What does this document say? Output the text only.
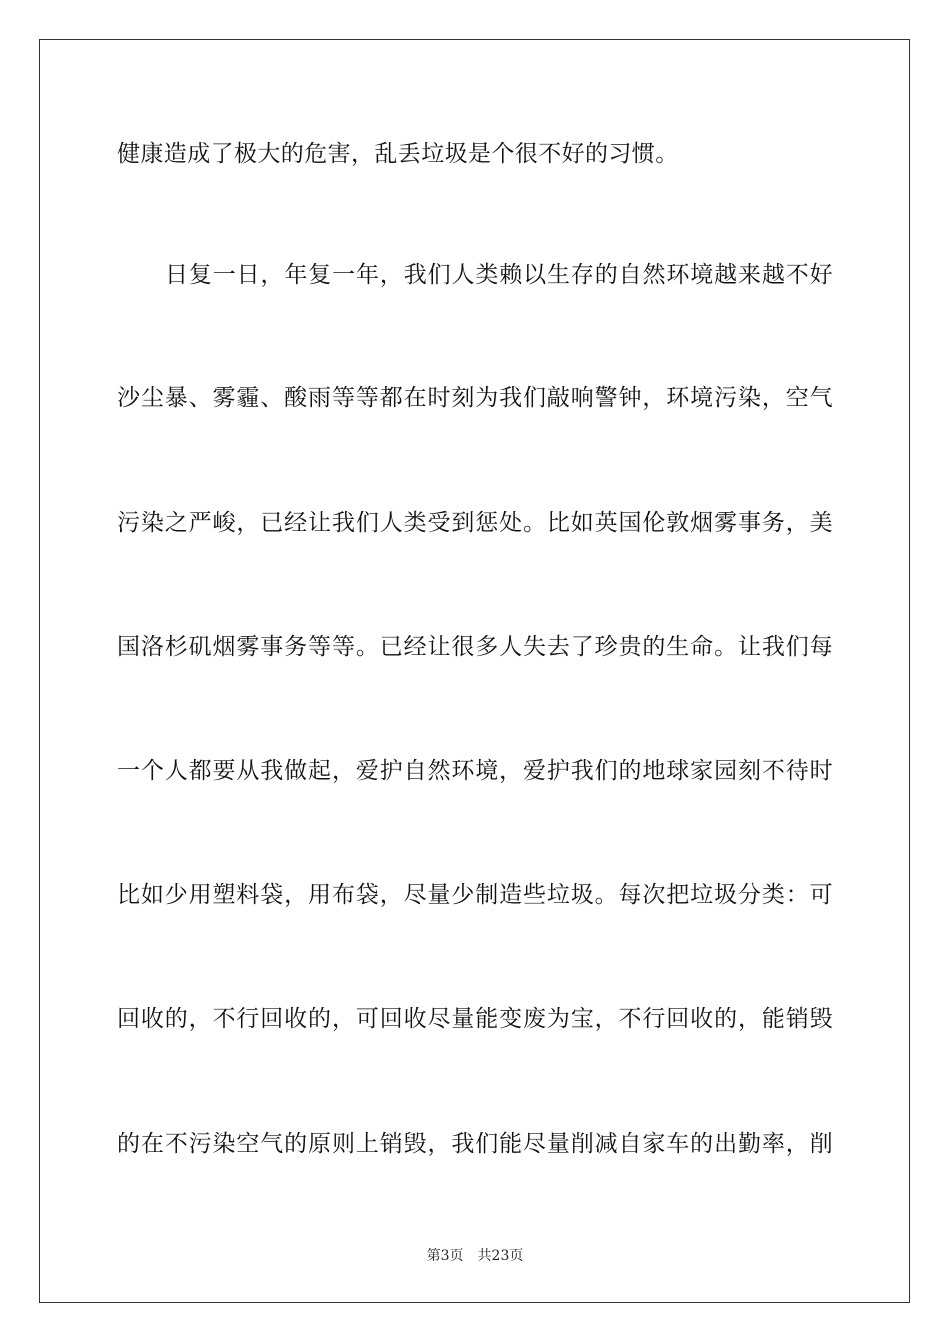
健康造成了极大的危害，乱丢垃圾是个很不好的习惯。
日复一日，年复一年，我们人类赖以生存的自然环境越来越不好
沙尘暴、雾霾、酸雨等等都在时刻为我们敲响警钟，环境污染，空气
污染之严峻，已经让我们人类受到惩处。比如英国伦敦烟雾事务，美
国洛杉矶烟雾事务等等。已经让很多人失去了珍贵的生命。让我们每
一个人都要从我做起，爱护自然环境，爱护我们的地球家园刻不待时
比如少用塑料袋，用布袋，尽量少制造些垃圾。每次把垃圾分类：可
回收的，不行回收的，可回收尽量能变废为宝，不行回收的，能销毁
的在不污染空气的原则上销毁，我们能尽量削减自家车的出勤率，削
第3页 共23页
